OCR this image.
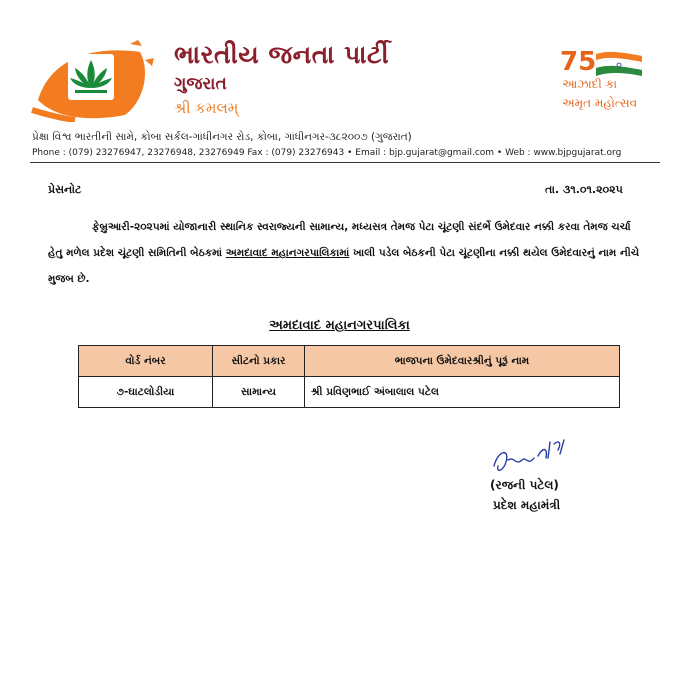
ભારતીય જનતા પાર્ટી
ગુજરાત
શ્રી કમલમ્
75
આઝાદી કા
અમૃત મહોત્સવ
પ્રેક્ષા વિશ્વ ભારતીની સામે, કોબા સર્કલ-ગાંધીનગર રોડ, કોબા, ગાંધીનગર-૩૮૨૦૦૭ (ગુજરાત)
Phone : (079) 23276947, 23276948, 23276949 Fax : (079) 23276943 • Email : bjp.gujarat@gmail.com • Web : www.bjpgujarat.org
પ્રેસનોટ	તા. ૩૧.૦૧.૨૦૨૫
ફેબ્રુઆરી-૨૦૨૫માં યોજાનારી સ્થાનિક સ્વરાજ્યની સામાન્ય, મધ્યસત્ર તેમજ પેટા ચૂંટણી સંદર્ભે ઉમેદવાર નક્કી કરવા તેમજ ચર્ચા હેતુ મળેલ પ્રદેશ ચૂંટણી સમિતિની બેઠકમાં અમદાવાદ મહાનગરપાલિકામાં ખાલી પડેલ બેઠકની પેટા ચૂંટણીના નક્કી થયેલ ઉમેદવારનું નામ નીચે મુજબ છે.
અમદાવાદ મહાનગરપાલિકા
વોર્ડ નંબર	સીટનો પ્રકાર	ભાજપના ઉમેદવારશ્રીનું પૂરૂં નામ
૭-ઘાટલોડીયા	સામાન્ય	શ્રી પ્રવિણભાઈ અંબાલાલ પટેલ
(રજની પટેલ)
પ્રદેશ મહામંત્રી
